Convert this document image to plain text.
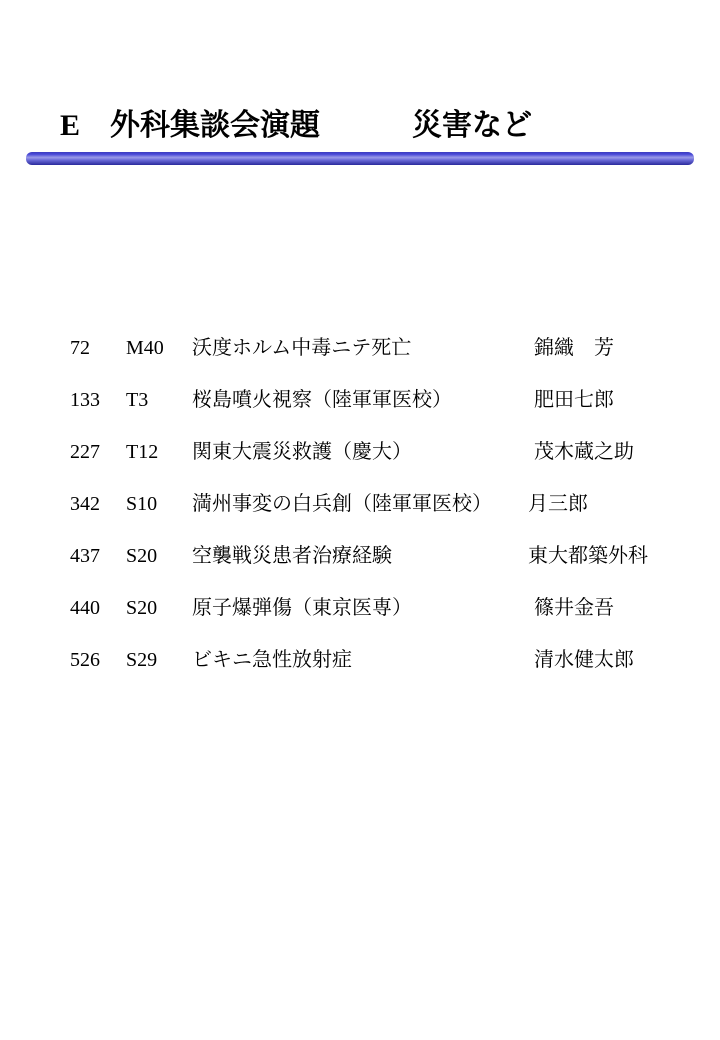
E 外科集談会演題	災害など
72	M40	沃度ホルム中毒ニテ死亡	錦織　芳
133	T3	桜島噴火視察（陸軍軍医校）	肥田七郎
227	T12	関東大震災救護（慶大）	茂木蔵之助
342	S10	満州事変の白兵創（陸軍軍医校） 月三郎
437	S20	空襲戦災患者治療経験	東大都築外科
440	S20	原子爆弾傷（東京医専）	篠井金吾
526	S29	ビキニ急性放射症	清水健太郎
